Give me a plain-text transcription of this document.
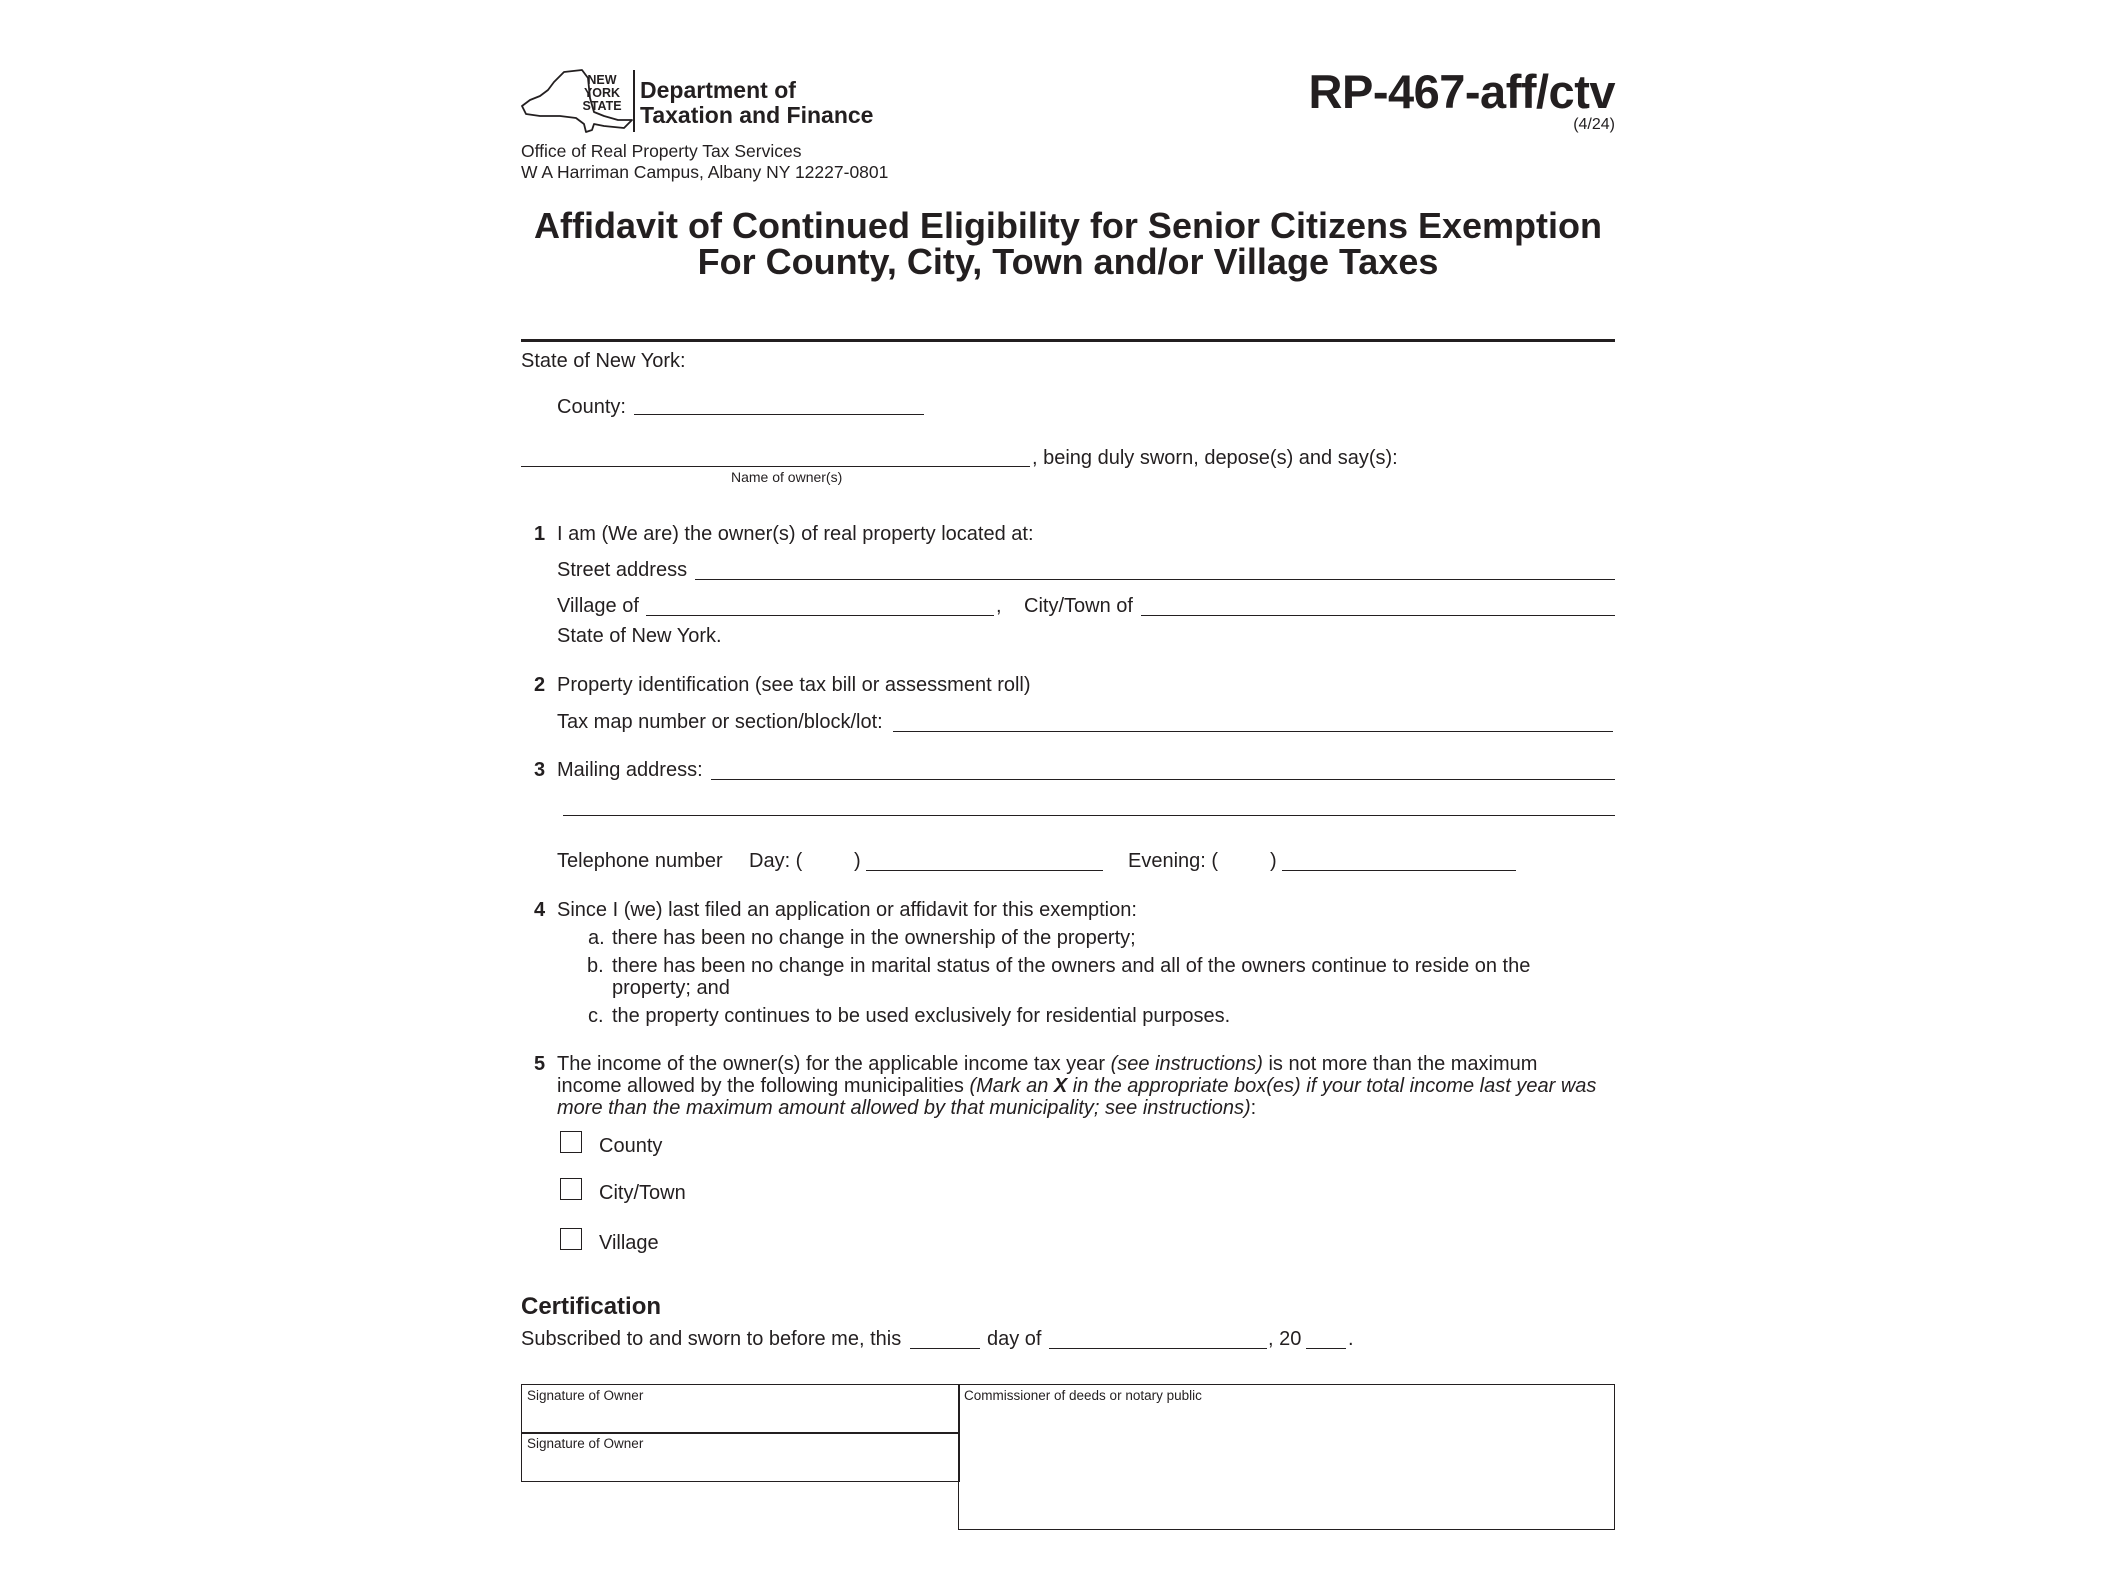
NEW YORK STATE
Department of
Taxation and Finance
Office of Real Property Tax Services
W A Harriman Campus, Albany NY 12227-0801
RP-467-aff/ctv
(4/24)
Affidavit of Continued Eligibility for Senior Citizens Exemption
For County, City, Town and/or Village Taxes
State of New York:
County:
, being duly sworn, depose(s) and say(s):
Name of owner(s)
1 I am (We are) the owner(s) of real property located at:
Street address
Village of	, City/Town of
State of New York.
2 Property identification (see tax bill or assessment roll)
Tax map number or section/block/lot:
3 Mailing address:
Telephone number Day: (	)	Evening: (	)
4 Since I (we) last filed an application or affidavit for this exemption:
a. there has been no change in the ownership of the property;
b. there has been no change in marital status of the owners and all of the owners continue to reside on the
property; and
c. the property continues to be used exclusively for residential purposes.
5 The income of the owner(s) for the applicable income tax year (see instructions) is not more than the maximum
income allowed by the following municipalities (Mark an X in the appropriate box(es) if your total income last year was
more than the maximum amount allowed by that municipality; see instructions):
County
City/Town
Village
Certification
Subscribed to and sworn to before me, this	day of	, 20 .
Signature of Owner
Signature of Owner
Commissioner of deeds or notary public
